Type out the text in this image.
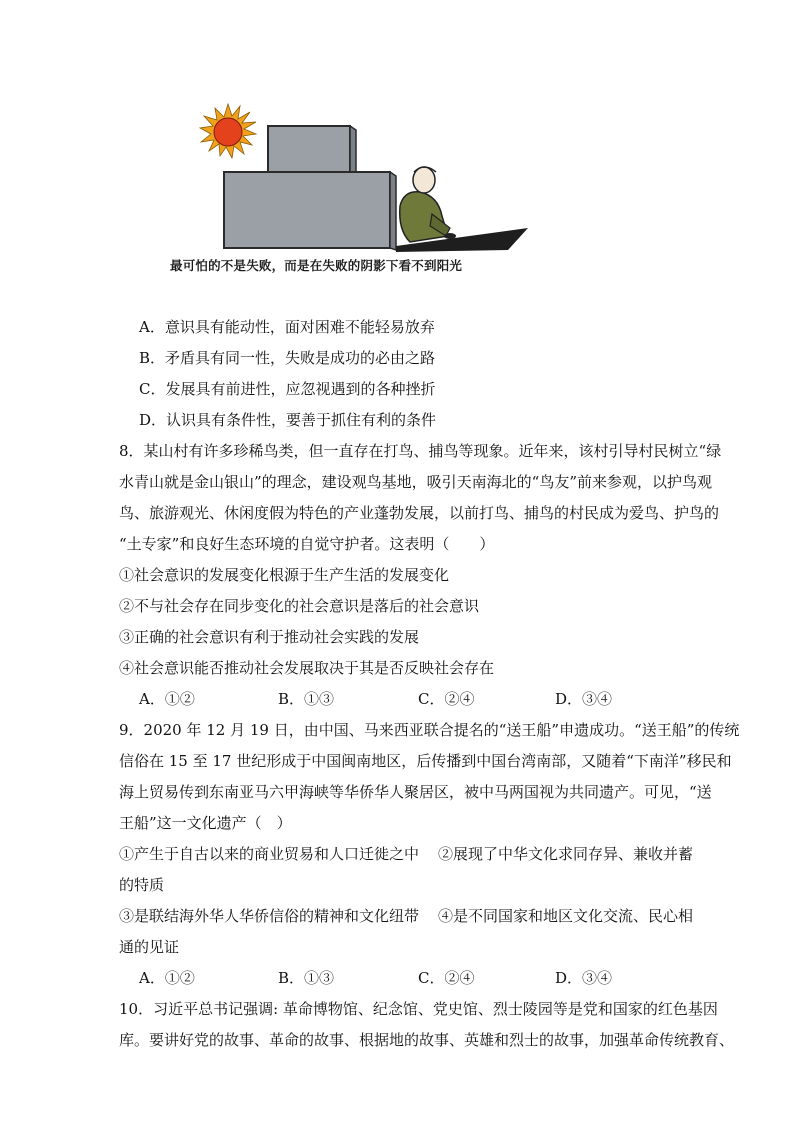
最可怕的不是失败，而是在失败的阴影下看不到阳光
A．意识具有能动性，面对困难不能轻易放弃
B．矛盾具有同一性，失败是成功的必由之路
C．发展具有前进性，应忽视遇到的各种挫折
D．认识具有条件性，要善于抓住有利的条件
8．某山村有许多珍稀鸟类，但一直存在打鸟、捕鸟等现象。近年来，该村引导村民树立“绿
水青山就是金山银山”的理念，建设观鸟基地，吸引天南海北的“鸟友”前来参观，以护鸟观
鸟、旅游观光、休闲度假为特色的产业蓬勃发展，以前打鸟、捕鸟的村民成为爱鸟、护鸟的
“土专家”和良好生态环境的自觉守护者。这表明（　　）
①社会意识的发展变化根源于生产生活的发展变化
②不与社会存在同步变化的社会意识是落后的社会意识
③正确的社会意识有利于推动社会实践的发展
④社会意识能否推动社会发展取决于其是否反映社会存在
A．①②	B．①③	C．②④	D．③④
9．2020 年 12 月 19 日，由中国、马来西亚联合提名的“送王船”申遗成功。“送王船”的传统
信俗在 15 至 17 世纪形成于中国闽南地区，后传播到中国台湾南部，又随着“下南洋”移民和
海上贸易传到东南亚马六甲海峡等华侨华人聚居区，被中马两国视为共同遗产。可见，“送
王船”这一文化遗产（　）
①产生于自古以来的商业贸易和人口迁徙之中 ②展现了中华文化求同存异、兼收并蓄
的特质
③是联结海外华人华侨信俗的精神和文化纽带 ④是不同国家和地区文化交流、民心相
通的见证
A．①②	B．①③	C．②④	D．③④
10．习近平总书记强调: 革命博物馆、纪念馆、党史馆、烈士陵园等是党和国家的红色基因
库。要讲好党的故事、革命的故事、根据地的故事、英雄和烈士的故事，加强革命传统教育、
